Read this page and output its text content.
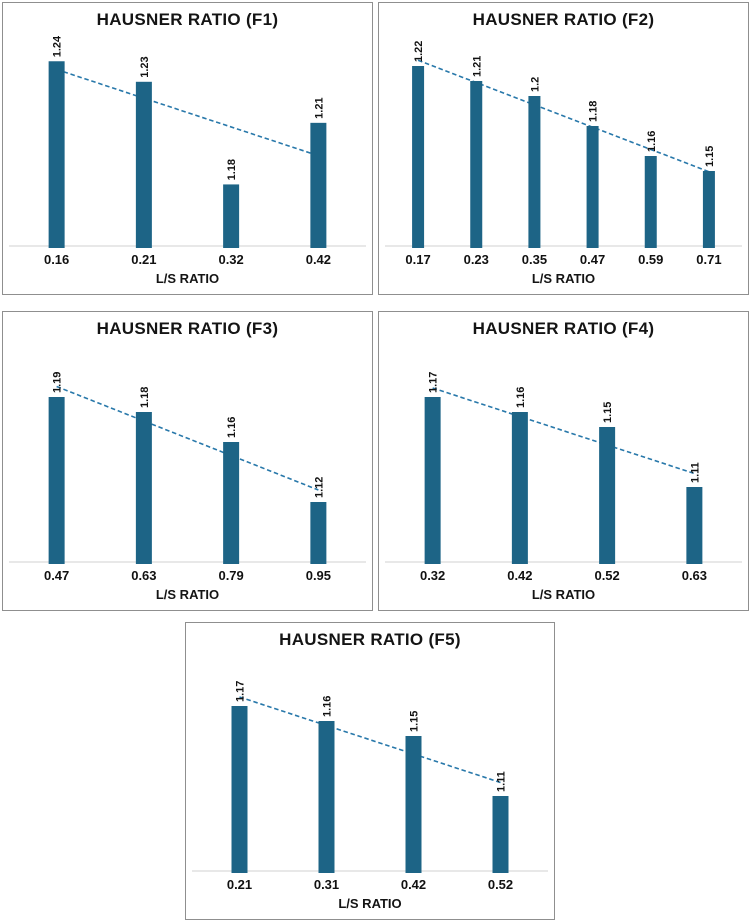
HAUSNER RATIO (F1)
L/S RATIO
1.24
0.16
1.23
0.21
1.18
0.32
1.21
0.42
HAUSNER RATIO (F2)
L/S RATIO
1.22
0.17
1.21
0.23
1.2
0.35
1.18
0.47
1.16
0.59
1.15
0.71
HAUSNER RATIO (F3)
L/S RATIO
1.19
0.47
1.18
0.63
1.16
0.79
1.12
0.95
HAUSNER RATIO (F4)
L/S RATIO
1.17
0.32
1.16
0.42
1.15
0.52
1.11
0.63
HAUSNER RATIO (F5)
L/S RATIO
1.17
0.21
1.16
0.31
1.15
0.42
1.11
0.52
